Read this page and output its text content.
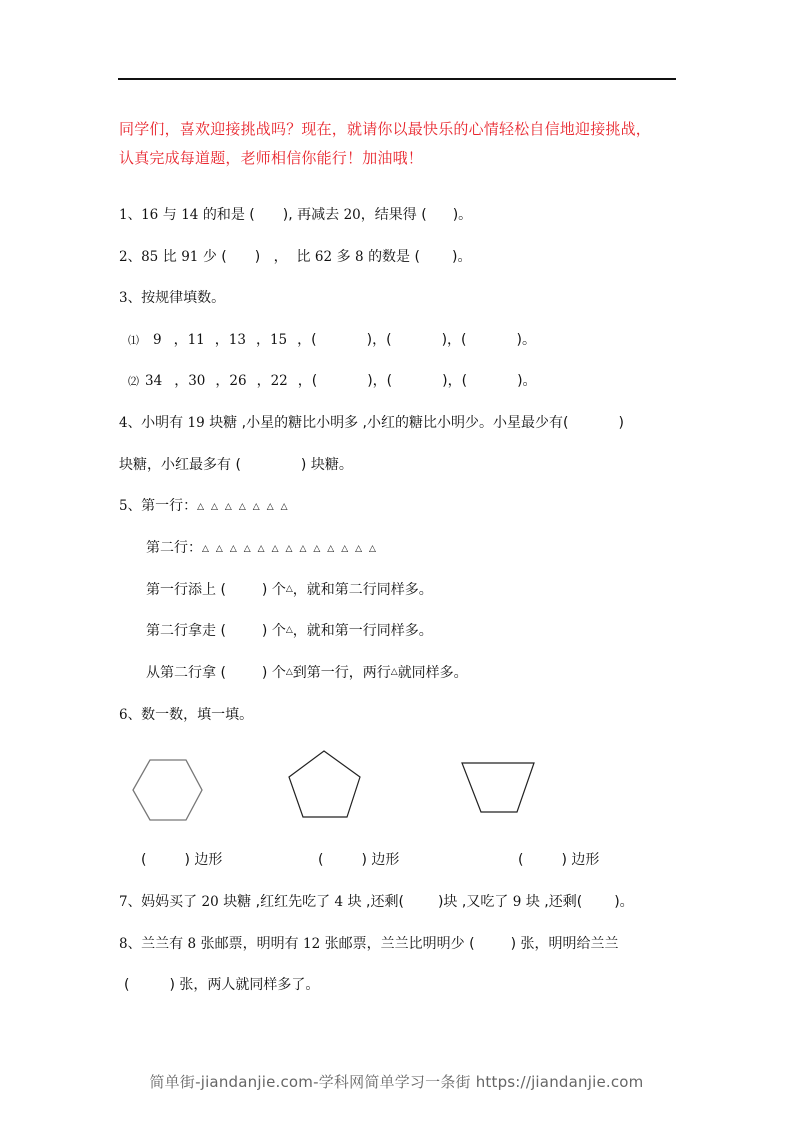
同学们，喜欢迎接挑战吗？现在，就请你以最快乐的心情轻松自信地迎接挑战，
认真完成每道题，老师相信你能行！加油哦！
1、16 与 14 的和是 ( ), 再减去 20，结果得 ( )。
2、85 比 91 少 ( )   ，  比 62 多 8 的数是 ( )。
3、按规律填数。
⑴ 9 ，11 ，13 ，15 ，(	)，(	)，(	)。
⑵ 34 ，30 ，26 ，22 ，(	)，(	)，(	)。
4、小明有 19 块糖 ,小星的糖比小明多 ,小红的糖比小明少。小星最少有(	)
块糖，小红最多有 (	) 块糖。
5、第一行：△△△△△△△
第二行：△△△△△△△△△△△△△
第一行添上 (	) 个△，就和第二行同样多。
第二行拿走 (	) 个△，就和第一行同样多。
从第二行拿 (	) 个△到第一行，两行△就同样多。
6、数一数，填一填。
(	) 边形	(	) 边形	(	) 边形
7、妈妈买了 20 块糖 ,红红先吃了 4 块 ,还剩( )块 ,又吃了 9 块 ,还剩( )。
8、兰兰有 8 张邮票，明明有 12 张邮票，兰兰比明明少 (	) 张，明明给兰兰
(	) 张，两人就同样多了。
简单街-jiandanjie.com-学科网简单学习一条街 https://jiandanjie.com
